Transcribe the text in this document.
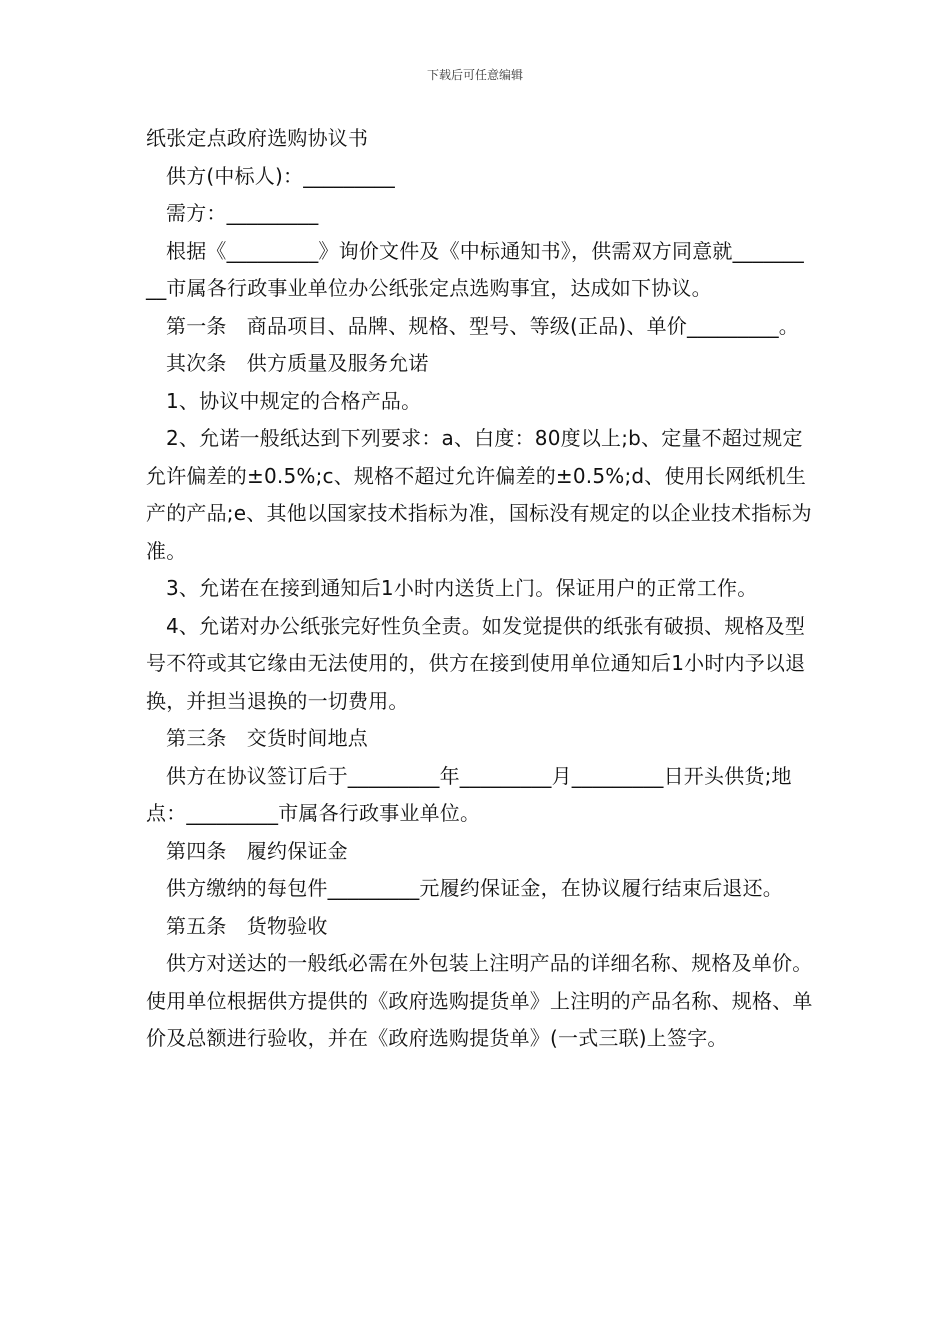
下载后可任意编辑

纸张定点政府选购协议书

供方(中标人)：_________

需方：_________

根据《_________》询价文件及《中标通知书》，供需双方同意就_________市属各行政事业单位办公纸张定点选购事宜，达成如下协议。

第一条　商品项目、品牌、规格、型号、等级(正品)、单价_________。

其次条　供方质量及服务允诺

1、协议中规定的合格产品。

2、允诺一般纸达到下列要求：a、白度：80度以上;b、定量不超过规定允许偏差的±0.5%;c、规格不超过允许偏差的±0.5%;d、使用长网纸机生产的产品;e、其他以国家技术指标为准，国标没有规定的以企业技术指标为准。

3、允诺在在接到通知后1小时内送货上门。保证用户的正常工作。

4、允诺对办公纸张完好性负全责。如发觉提供的纸张有破损、规格及型号不符或其它缘由无法使用的，供方在接到使用单位通知后1小时内予以退换，并担当退换的一切费用。

第三条　交货时间地点

供方在协议签订后于_________年_________月_________日开头供货;地点：_________市属各行政事业单位。

第四条　履约保证金

供方缴纳的每包件_________元履约保证金，在协议履行结束后退还。

第五条　货物验收

供方对送达的一般纸必需在外包装上注明产品的详细名称、规格及单价。使用单位根据供方提供的《政府选购提货单》上注明的产品名称、规格、单价及总额进行验收，并在《政府选购提货单》(一式三联)上签字。
